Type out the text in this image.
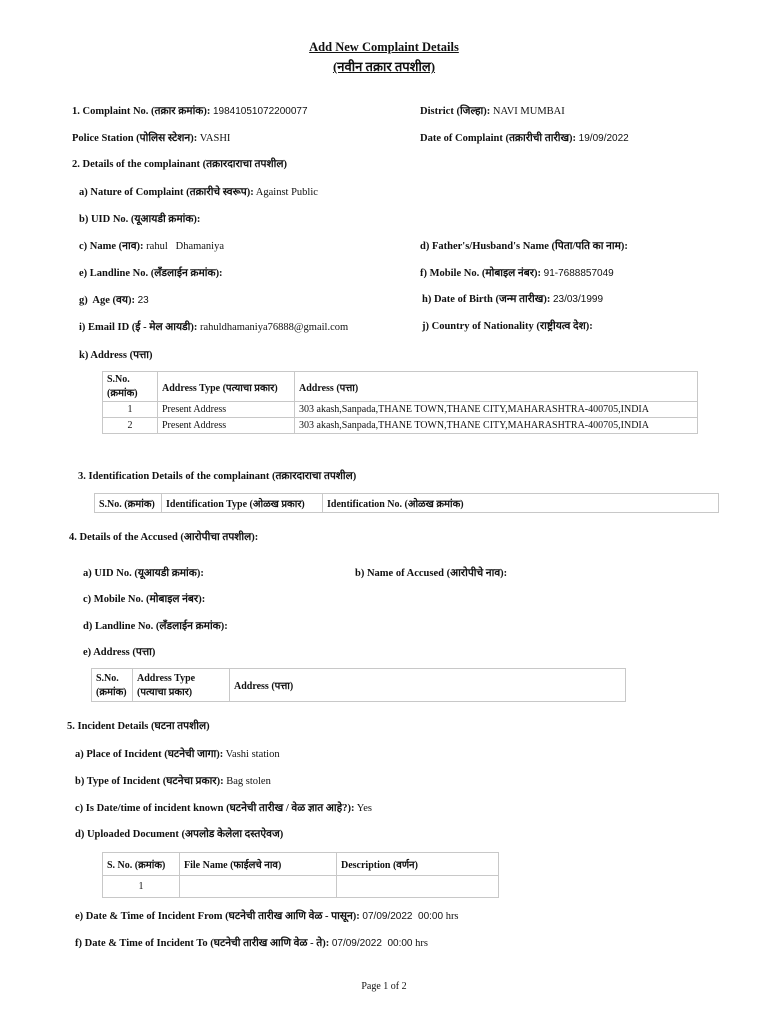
Add New Complaint Details
(नवीन तक्रार तपशील)
1. Complaint No. (तक्रार क्रमांक): 19841051072200077	District (जिल्हा): NAVI MUMBAI
Police Station (पोलिस स्टेशन): VASHI	Date of Complaint (तक्रारीची तारीख): 19/09/2022
2. Details of the complainant (तक्रारदाराचा तपशील)
a) Nature of Complaint (तक्रारीचे स्वरूप): Against Public
b) UID No. (यूआयडी क्रमांक):
c) Name (नाव): rahul   Dhamaniya	d) Father's/Husband's Name (पिता/पति का नाम):
e) Landline No. (लँडलाईन क्रमांक):	f) Mobile No. (मोबाइल नंबर): 91-7688857049
g)  Age (वय): 23	h) Date of Birth (जन्म तारीख): 23/03/1999
i) Email ID (ई - मेल आयडी): rahuldhamaniya76888@gmail.com	j) Country of Nationality (राष्ट्रीयत्व देश):
k) Address (पत्ता)
S.No. (क्रमांक)	Address Type (पत्याचा प्रकार)	Address (पत्ता)
1	Present Address	303 akash,Sanpada,THANE TOWN,THANE CITY,MAHARASHTRA-400705,INDIA
2	Present Address	303 akash,Sanpada,THANE TOWN,THANE CITY,MAHARASHTRA-400705,INDIA
3. Identification Details of the complainant (तक्रारदाराचा तपशील)
S.No. (क्रमांक)	Identification Type (ओळख प्रकार)	Identification No. (ओळख क्रमांक)
4. Details of the Accused (आरोपीचा तपशील):
a) UID No. (यूआयडी क्रमांक):	b) Name of Accused (आरोपीचे नाव):
c) Mobile No. (मोबाइल नंबर):
d) Landline No. (लँडलाईन क्रमांक):
e) Address (पत्ता)
S.No. (क्रमांक)	Address Type (पत्याचा प्रकार)	Address (पत्ता)
5. Incident Details (घटना तपशील)
a) Place of Incident (घटनेची जागा): Vashi station
b) Type of Incident (घटनेचा प्रकार): Bag stolen
c) Is Date/time of incident known (घटनेची तारीख / वेळ ज्ञात आहे?): Yes
d) Uploaded Document (अपलोड केलेला दस्तऐवज)
S. No. (क्रमांक)	File Name (फाईलचे नाव)	Description (वर्णन)
1		
e) Date & Time of Incident From (घटनेची तारीख आणि वेळ - पासून): 07/09/2022  00:00 hrs
f) Date & Time of Incident To (घटनेची तारीख आणि वेळ - ते): 07/09/2022  00:00 hrs
Page 1 of 2
